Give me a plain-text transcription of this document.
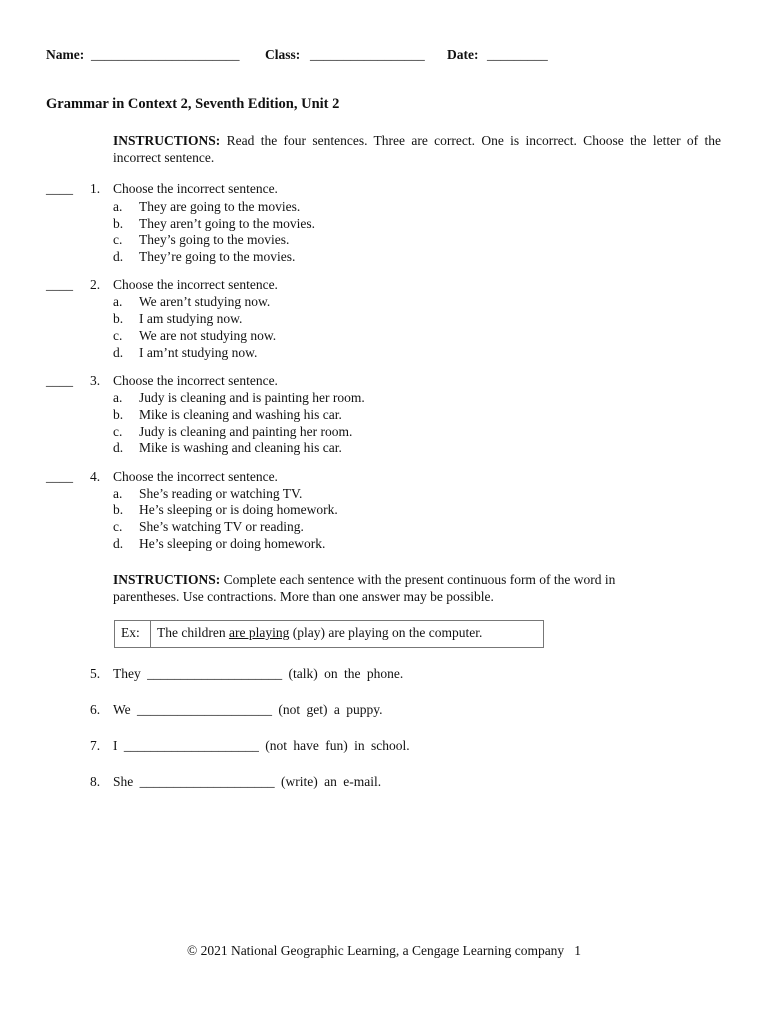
Name: ______________________ Class: _________________ Date: _________
Grammar in Context 2, Seventh Edition, Unit 2
INSTRUCTIONS: Read the four sentences. Three are correct. One is incorrect. Choose the letter of the incorrect sentence.
____ 1. Choose the incorrect sentence.
a. They are going to the movies.
b. They aren’t going to the movies.
c. They’s going to the movies.
d. They’re going to the movies.
____ 2. Choose the incorrect sentence.
a. We aren’t studying now.
b. I am studying now.
c. We are not studying now.
d. I am’nt studying now.
____ 3. Choose the incorrect sentence.
a. Judy is cleaning and is painting her room.
b. Mike is cleaning and washing his car.
c. Judy is cleaning and painting her room.
d. Mike is washing and cleaning his car.
____ 4. Choose the incorrect sentence.
a. She’s reading or watching TV.
b. He’s sleeping or is doing homework.
c. She’s watching TV or reading.
d. He’s sleeping or doing homework.
INSTRUCTIONS: Complete each sentence with the present continuous form of the word in parentheses. Use contractions. More than one answer may be possible.
Ex: The children are playing (play) are playing on the computer.
5. They ____________________ (talk) on the phone.
6. We ____________________ (not get) a puppy.
7. I ____________________ (not have fun) in school.
8. She ____________________ (write) an e-mail.
© 2021 National Geographic Learning, a Cengage Learning company   1
